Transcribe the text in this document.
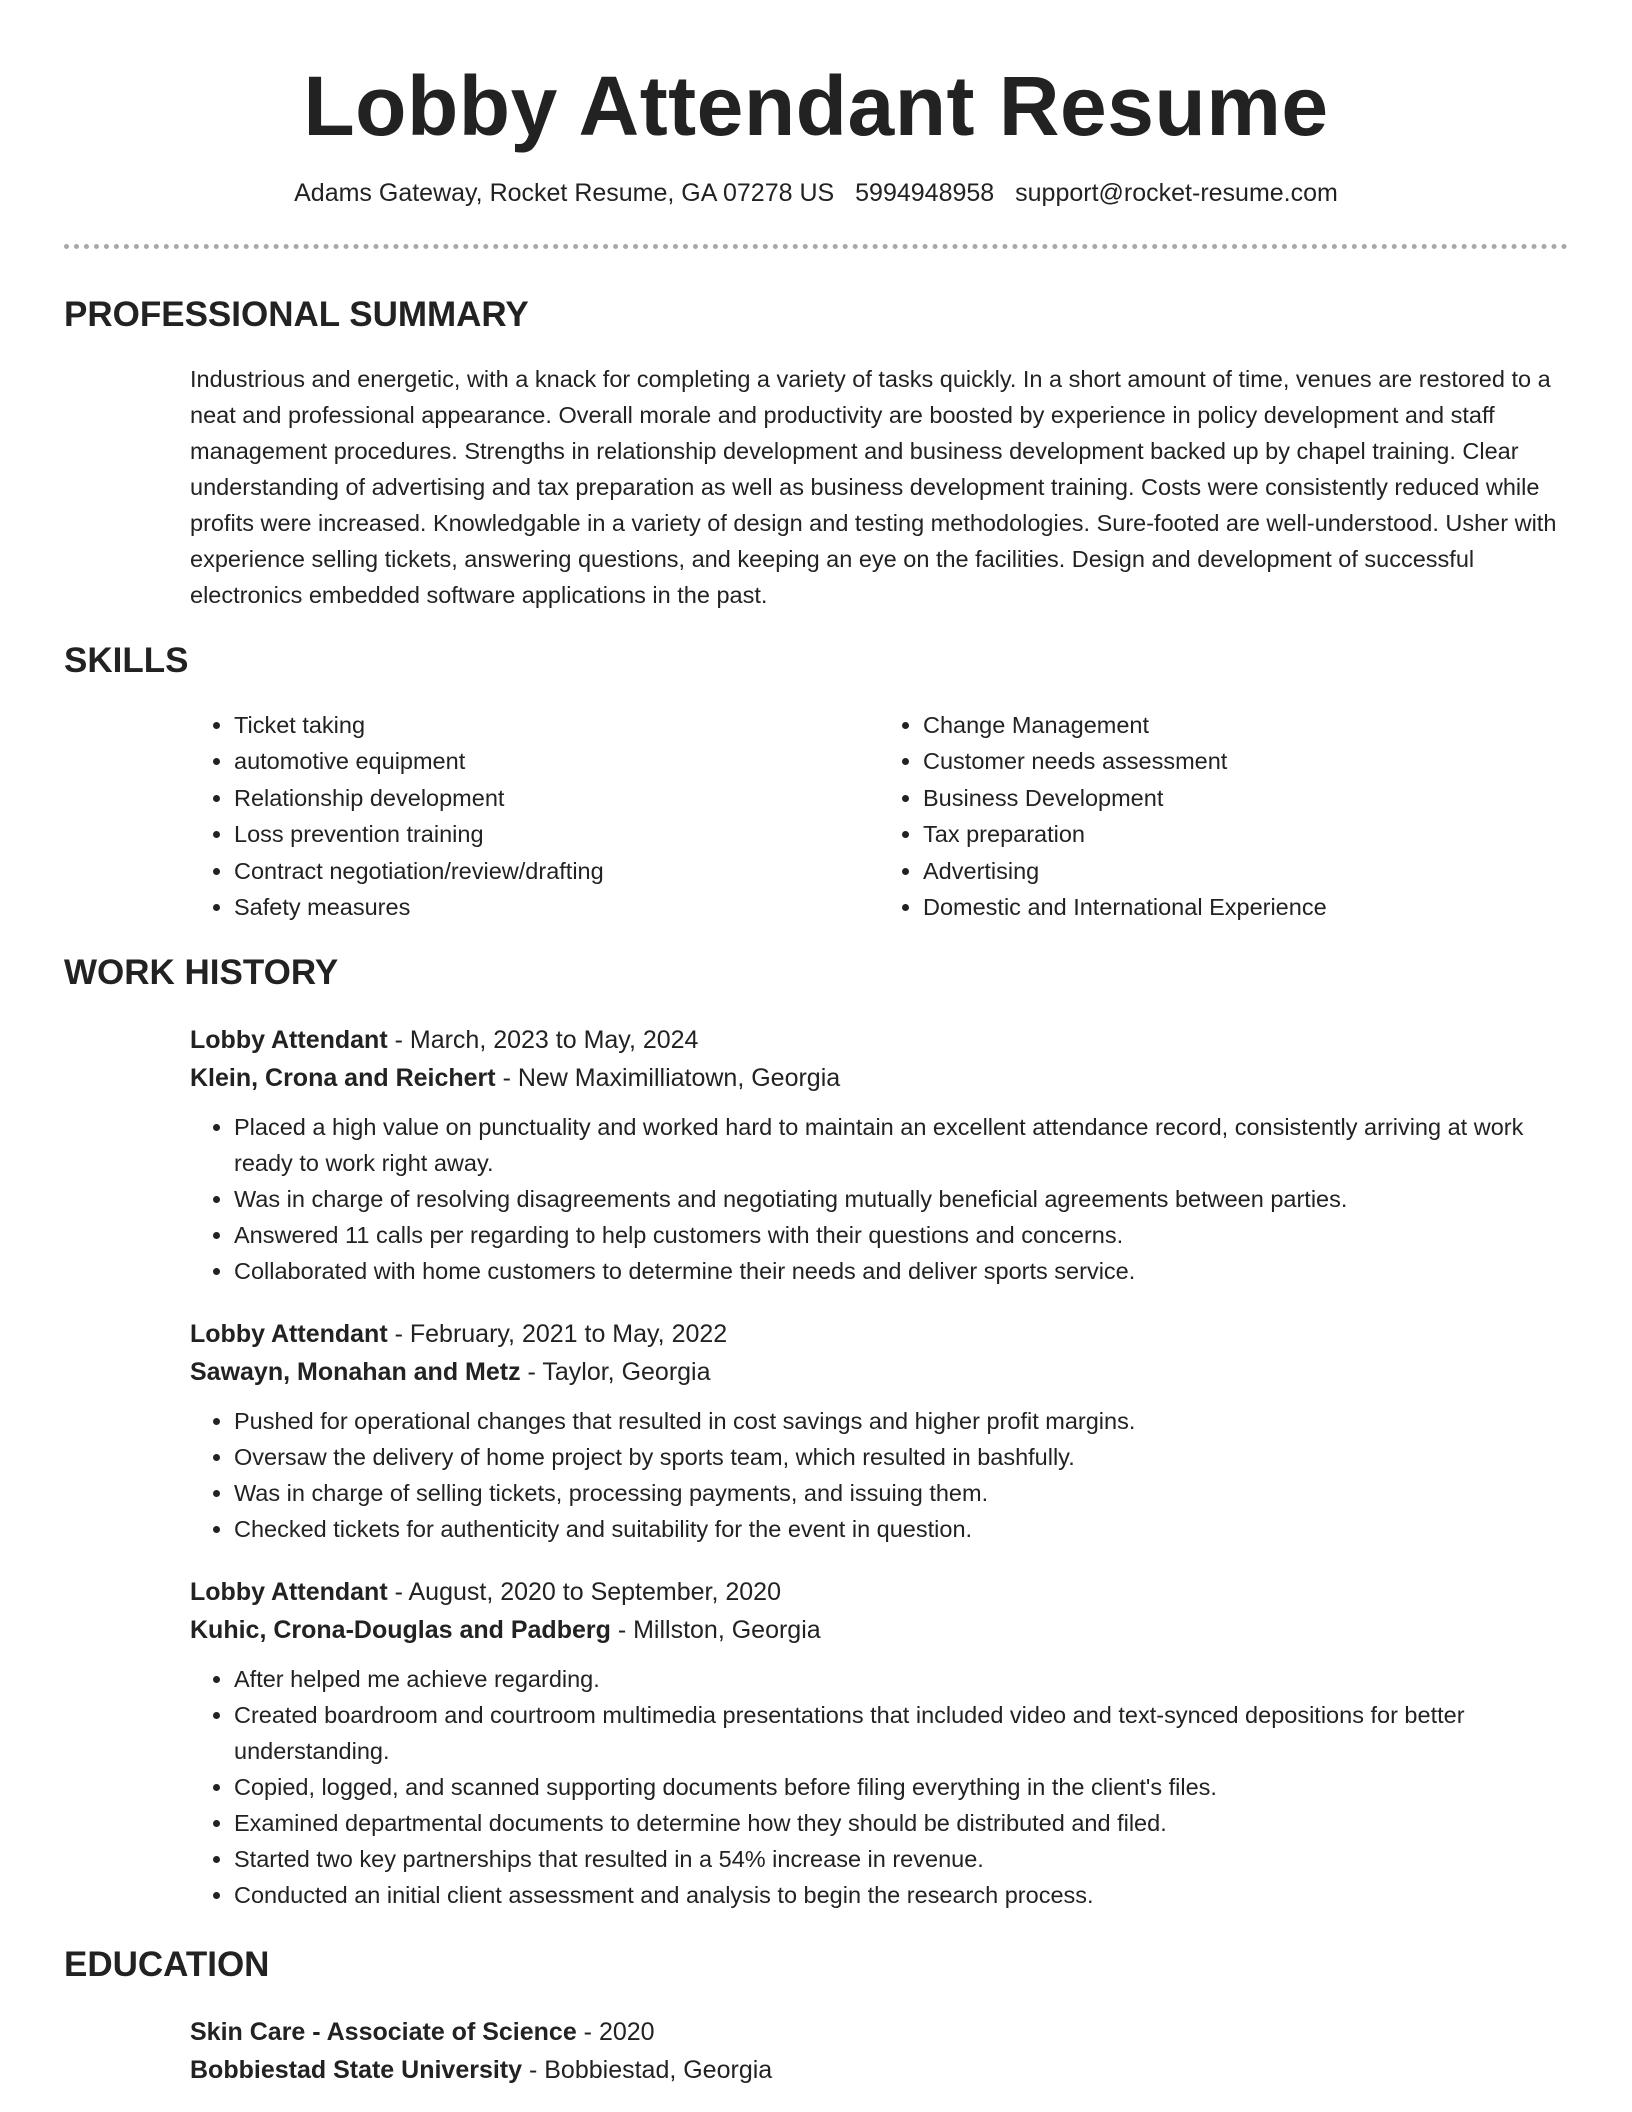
Lobby Attendant Resume
Adams Gateway, Rocket Resume, GA 07278 US 5994948958 support@rocket-resume.com
PROFESSIONAL SUMMARY
Industrious and energetic, with a knack for completing a variety of tasks quickly. In a short amount of time, venues are restored to a neat and professional appearance. Overall morale and productivity are boosted by experience in policy development and staff management procedures. Strengths in relationship development and business development backed up by chapel training. Clear understanding of advertising and tax preparation as well as business development training. Costs were consistently reduced while profits were increased. Knowledgable in a variety of design and testing methodologies. Sure-footed are well-understood. Usher with experience selling tickets, answering questions, and keeping an eye on the facilities. Design and development of successful electronics embedded software applications in the past.
SKILLS
• Ticket taking
• automotive equipment
• Relationship development
• Loss prevention training
• Contract negotiation/review/drafting
• Safety measures
• Change Management
• Customer needs assessment
• Business Development
• Tax preparation
• Advertising
• Domestic and International Experience
WORK HISTORY
Lobby Attendant - March, 2023 to May, 2024
Klein, Crona and Reichert - New Maximilliatown, Georgia
• Placed a high value on punctuality and worked hard to maintain an excellent attendance record, consistently arriving at work ready to work right away.
• Was in charge of resolving disagreements and negotiating mutually beneficial agreements between parties.
• Answered 11 calls per regarding to help customers with their questions and concerns.
• Collaborated with home customers to determine their needs and deliver sports service.
Lobby Attendant - February, 2021 to May, 2022
Sawayn, Monahan and Metz - Taylor, Georgia
• Pushed for operational changes that resulted in cost savings and higher profit margins.
• Oversaw the delivery of home project by sports team, which resulted in bashfully.
• Was in charge of selling tickets, processing payments, and issuing them.
• Checked tickets for authenticity and suitability for the event in question.
Lobby Attendant - August, 2020 to September, 2020
Kuhic, Crona-Douglas and Padberg - Millston, Georgia
• After helped me achieve regarding.
• Created boardroom and courtroom multimedia presentations that included video and text-synced depositions for better understanding.
• Copied, logged, and scanned supporting documents before filing everything in the client's files.
• Examined departmental documents to determine how they should be distributed and filed.
• Started two key partnerships that resulted in a 54% increase in revenue.
• Conducted an initial client assessment and analysis to begin the research process.
EDUCATION
Skin Care - Associate of Science - 2020
Bobbiestad State University - Bobbiestad, Georgia
